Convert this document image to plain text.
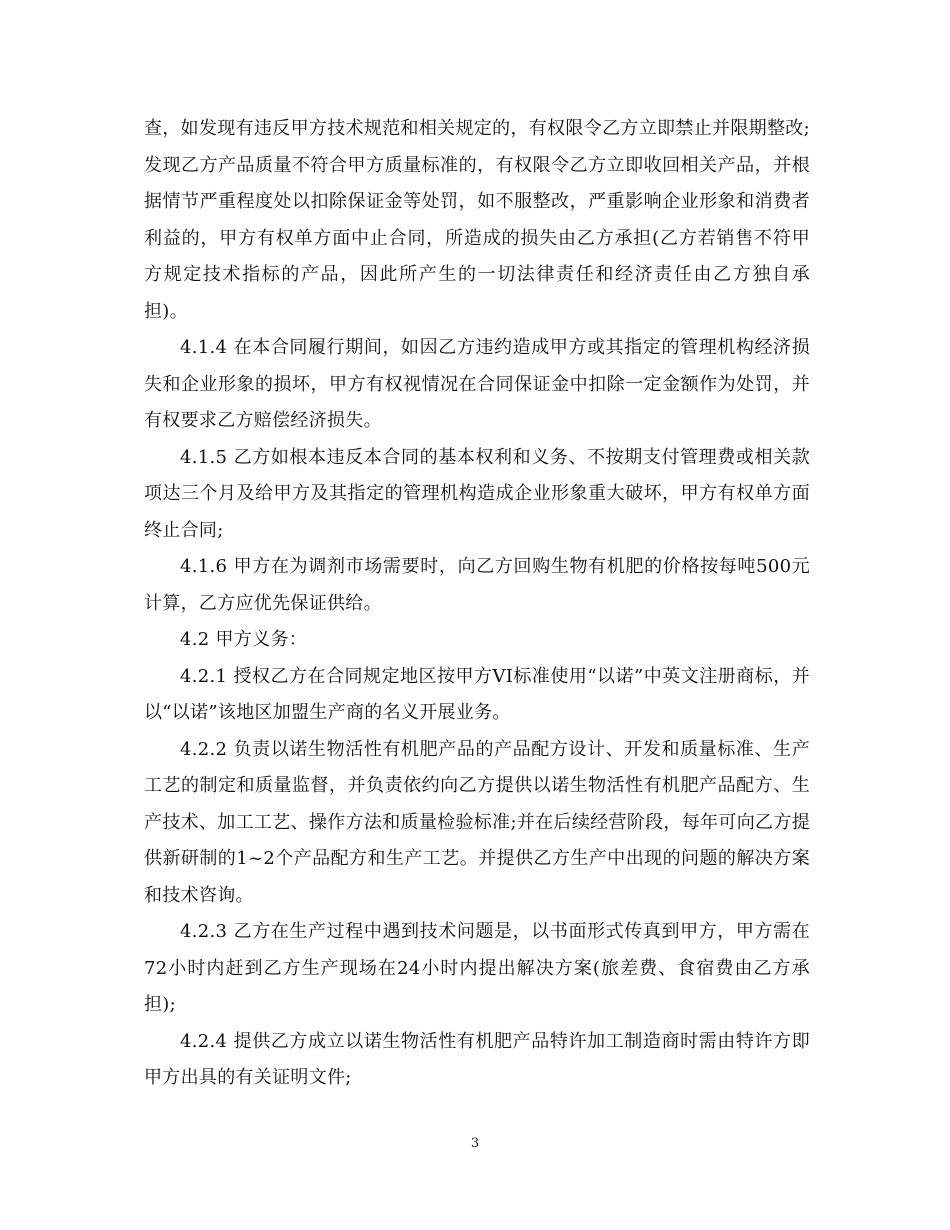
查，如发现有违反甲方技术规范和相关规定的，有权限令乙方立即禁止并限期整改;发现乙方产品质量不符合甲方质量标准的，有权限令乙方立即收回相关产品，并根据情节严重程度处以扣除保证金等处罚，如不服整改，严重影响企业形象和消费者利益的，甲方有权单方面中止合同，所造成的损失由乙方承担(乙方若销售不符甲方规定技术指标的产品，因此所产生的一切法律责任和经济责任由乙方独自承担)。

4.1.4 在本合同履行期间，如因乙方违约造成甲方或其指定的管理机构经济损失和企业形象的损坏，甲方有权视情况在合同保证金中扣除一定金额作为处罚，并有权要求乙方赔偿经济损失。

4.1.5 乙方如根本违反本合同的基本权利和义务、不按期支付管理费或相关款项达三个月及给甲方及其指定的管理机构造成企业形象重大破坏，甲方有权单方面终止合同;

4.1.6 甲方在为调剂市场需要时，向乙方回购生物有机肥的价格按每吨500元计算，乙方应优先保证供给。

4.2 甲方义务：

4.2.1 授权乙方在合同规定地区按甲方VI标准使用“以诺”中英文注册商标，并以“以诺”该地区加盟生产商的名义开展业务。

4.2.2 负责以诺生物活性有机肥产品的产品配方设计、开发和质量标准、生产工艺的制定和质量监督，并负责依约向乙方提供以诺生物活性有机肥产品配方、生产技术、加工工艺、操作方法和质量检验标准;并在后续经营阶段，每年可向乙方提供新研制的1~2个产品配方和生产工艺。并提供乙方生产中出现的问题的解决方案和技术咨询。

4.2.3 乙方在生产过程中遇到技术问题是，以书面形式传真到甲方，甲方需在72小时内赶到乙方生产现场在24小时内提出解决方案(旅差费、食宿费由乙方承担);

4.2.4 提供乙方成立以诺生物活性有机肥产品特许加工制造商时需由特许方即甲方出具的有关证明文件;

3
